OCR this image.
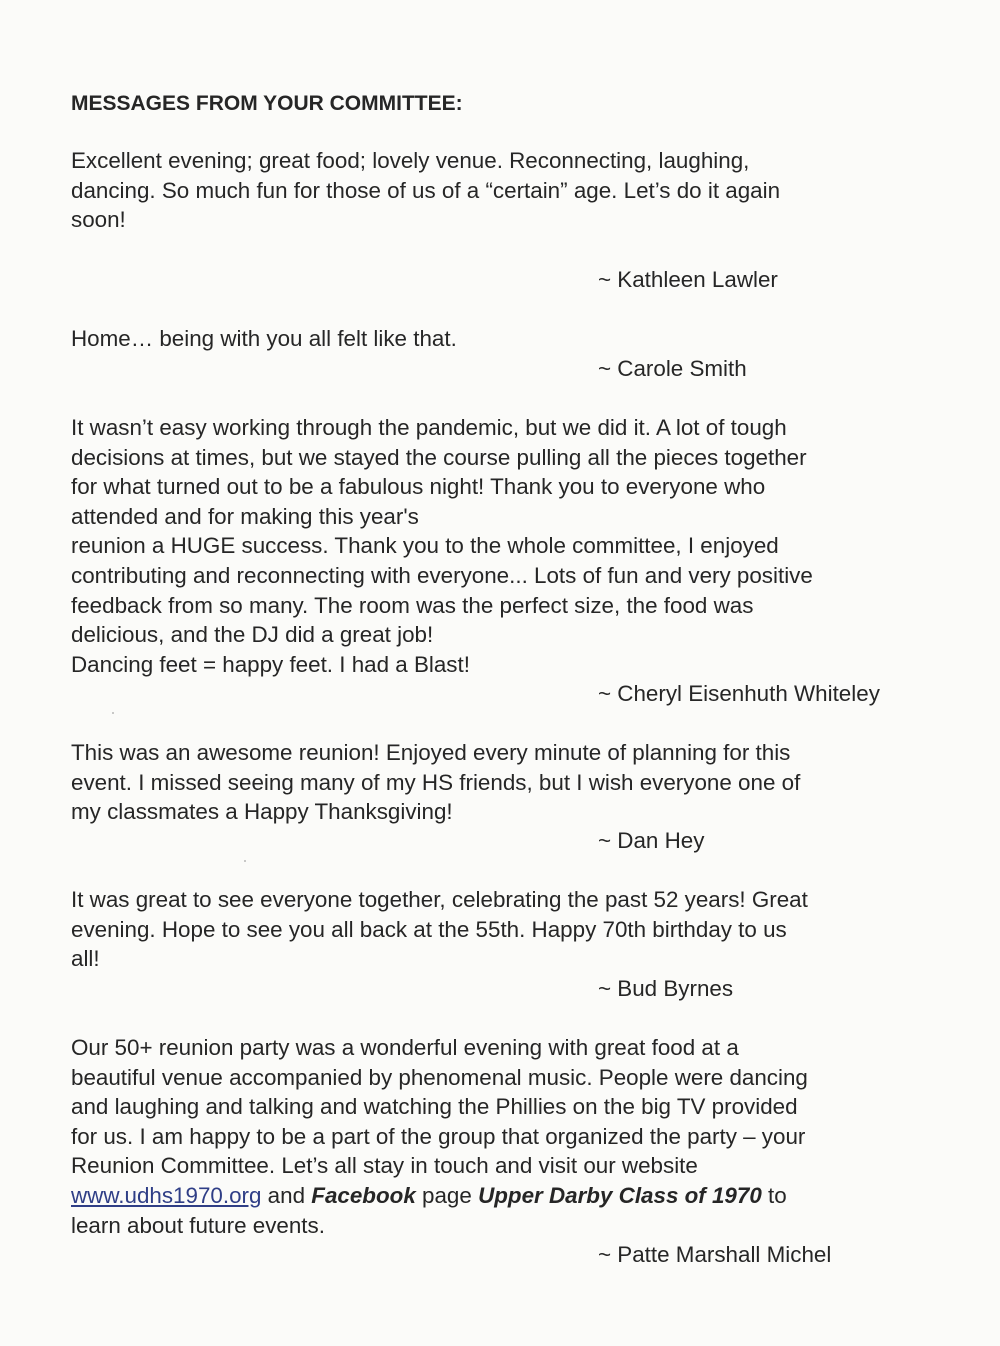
MESSAGES FROM YOUR COMMITTEE:
Excellent evening; great food; lovely venue. Reconnecting, laughing,
dancing. So much fun for those of us of a “certain” age. Let’s do it again
soon!
~ Kathleen Lawler
Home… being with you all felt like that.
~ Carole Smith
It wasn’t easy working through the pandemic, but we did it. A lot of tough
decisions at times, but we stayed the course pulling all the pieces together
for what turned out to be a fabulous night! Thank you to everyone who
attended and for making this year's
reunion a HUGE success. Thank you to the whole committee, I enjoyed
contributing and reconnecting with everyone... Lots of fun and very positive
feedback from so many. The room was the perfect size, the food was
delicious, and the DJ did a great job!
Dancing feet = happy feet. I had a Blast!
~ Cheryl Eisenhuth Whiteley
This was an awesome reunion! Enjoyed every minute of planning for this
event. I missed seeing many of my HS friends, but I wish everyone one of
my classmates a Happy Thanksgiving!
~ Dan Hey
It was great to see everyone together, celebrating the past 52 years! Great
evening. Hope to see you all back at the 55th. Happy 70th birthday to us
all!
~ Bud Byrnes
Our 50+ reunion party was a wonderful evening with great food at a
beautiful venue accompanied by phenomenal music. People were dancing
and laughing and talking and watching the Phillies on the big TV provided
for us. I am happy to be a part of the group that organized the party – your
Reunion Committee. Let’s all stay in touch and visit our website
www.udhs1970.org and Facebook page Upper Darby Class of 1970 to
learn about future events.
~ Patte Marshall Michel
